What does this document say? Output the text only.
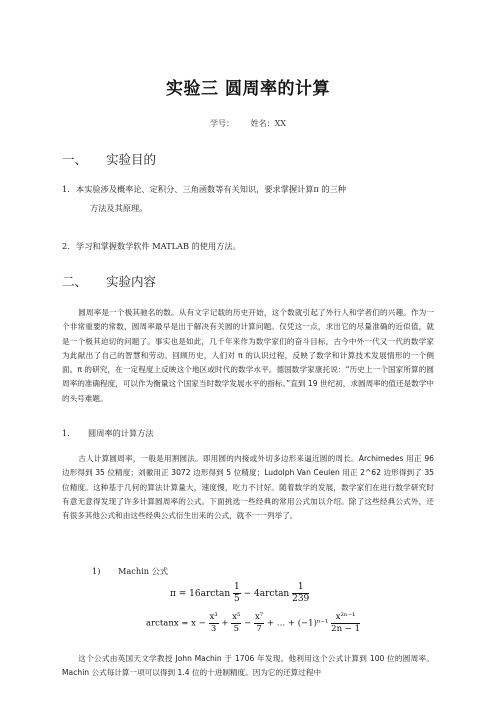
实验三 圆周率的计算
学号： 姓名：XX
一、 实验目的
1. 本实验涉及概率论、定积分、三角函数等有关知识，要求掌握计算π 的三种
方法及其原理。
2. 学习和掌握数学软件 MATLAB 的使用方法。
二、 实验内容
圆周率是一个极其驰名的数。从有文字记载的历史开始，这个数就引起了外行人和学者们的兴趣。作为一个非常重要的常数，圆周率最早是出于解决有关圆的计算问题。仅凭这一点，求出它的尽量准确的近似值，就是一个极其迫切的问题了。事实也是如此，几千年来作为数学家们的奋斗目标，古今中外一代又一代的数学家为此献出了自己的智慧和劳动。回顾历史，人们对 π 的认识过程，反映了数学和计算技术发展情形的一个侧面。π 的研究，在一定程度上反映这个地区或时代的数学水平。德国数学家康托说：“历史上一个国家所算的圆周率的准确程度，可以作为衡量这个国家当时数学发展水平的指标。”直到 19 世纪初，求圆周率的值还是数学中的头号难题。
1. 圆周率的计算方法
古人计算圆周率，一般是用割圆法。即用圆的内接或外切多边形来逼近圆的周长。Archimedes 用正 96 边形得到 35 位精度；刘徽用正 3072 边形得到 5 位精度；Ludolph Van Ceulen 用正 2^62 边形得到了 35 位精度。这种基于几何的算法计算量大，速度慢，吃力不讨好。随着数学的发展，数学家们在进行数学研究时有意无意得发现了许多计算圆周率的公式。下面挑选一些经典的常用公式加以介绍。除了这些经典公式外，还有很多其他公式和由这些经典公式衍生出来的公式，就不一一列举了。
1) Machin 公式
$\pi = 16\arctan \frac{1}{5} - 4\arctan \frac{1}{239}$
$\arctan x = x - \frac{\text{x³}}{3} + \frac{\text{x⁵}}{5} - \frac{\text{x⁷}}{7}$ + … + $(-1)^{n-1} \frac{\text{x²ⁿ⁻¹}}{2n - 1}$
这个公式由英国天文学教授 John Machin 于 1706 年发现。他利用这个公式计算到 100 位的圆周率。Machin 公式每计算一项可以得到 1.4 位的十进制精度。因为它的还算过程中
